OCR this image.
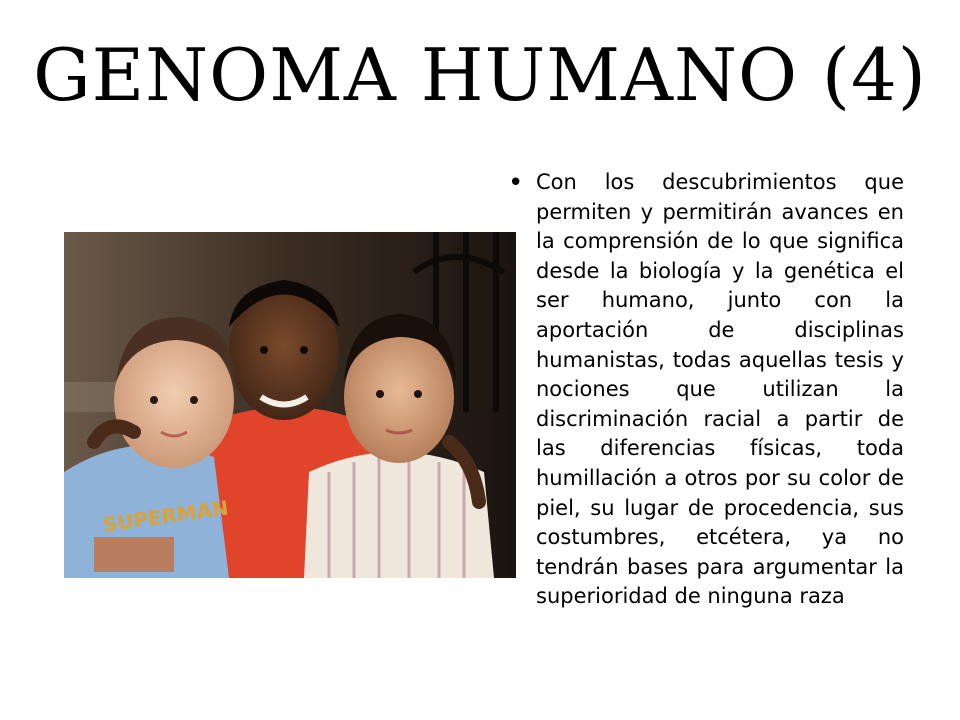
GENOMA HUMANO (4)
SUPERMAN
• Con los descubrimientos que permiten y permitirán avances en la comprensión de lo que significa desde la biología y la genética el ser humano, junto con la aportación de disciplinas humanistas, todas aquellas tesis y nociones que utilizan la discriminación racial a partir de las diferencias físicas, toda humillación a otros por su color de piel, su lugar de procedencia, sus costumbres, etcétera, ya no tendrán bases para argumentar la superioridad de ninguna raza
